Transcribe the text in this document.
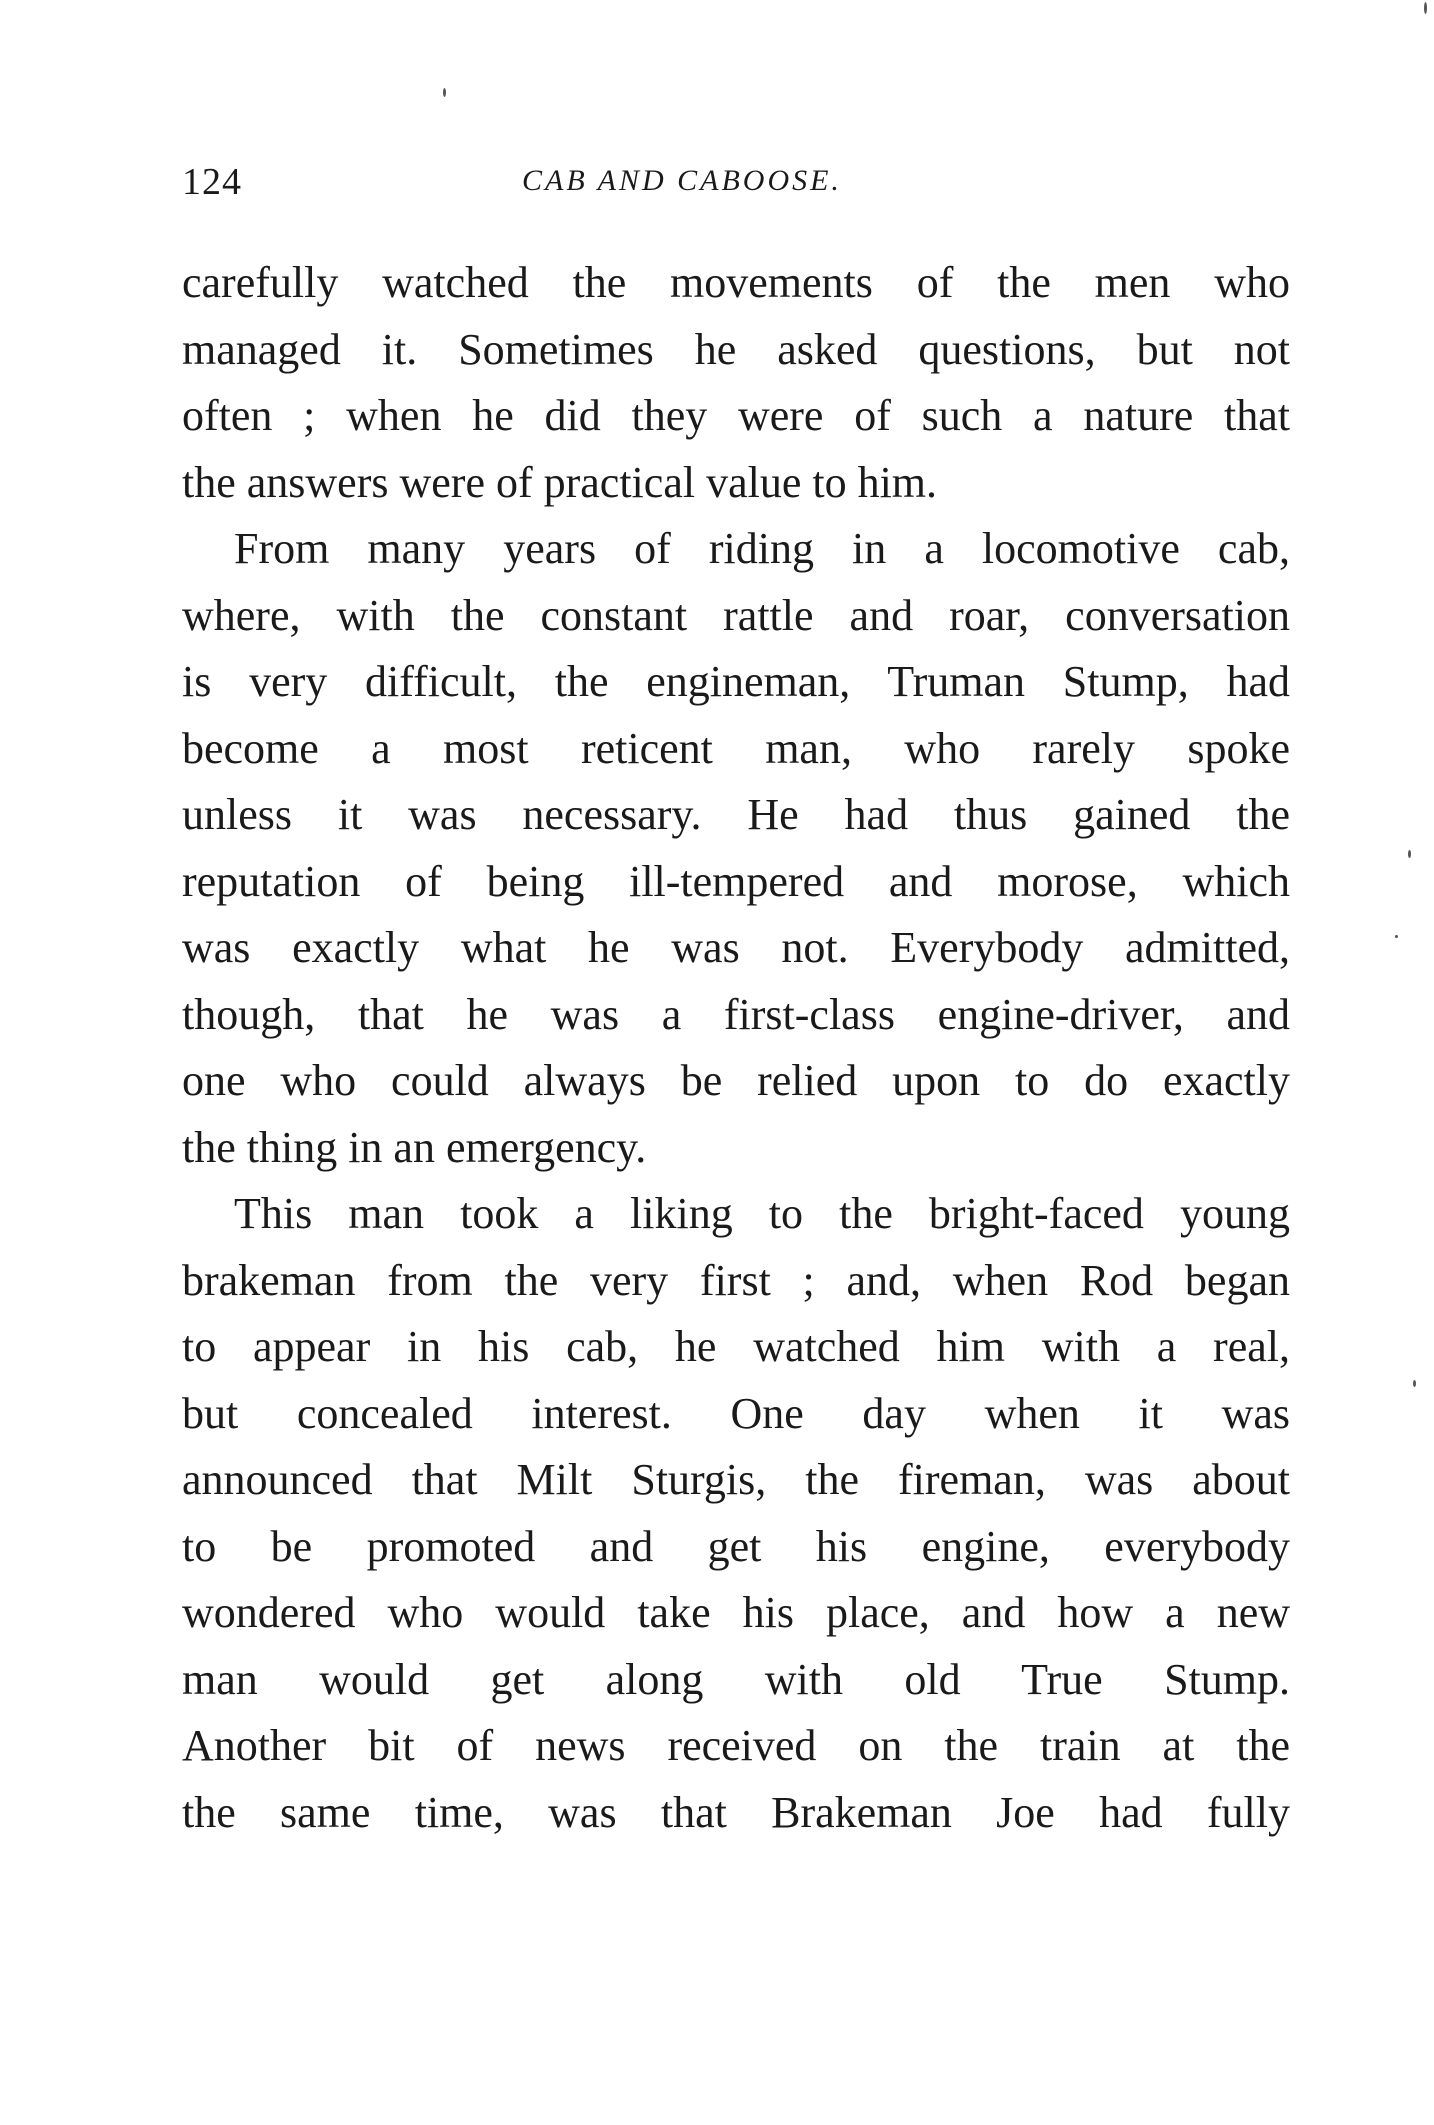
124	CAB AND CABOOSE.
carefully watched the movements of the men who
managed it. Sometimes he asked questions, but not
often ; when he did they were of such a nature that
the answers were of practical value to him.
From many years of riding in a locomotive cab,
where, with the constant rattle and roar, conversation
is very difficult, the engineman, Truman Stump, had
become a most reticent man, who rarely spoke
unless it was necessary. He had thus gained the
reputation of being ill-tempered and morose, which
was exactly what he was not. Everybody admitted,
though, that he was a first-class engine-driver, and
one who could always be relied upon to do exactly
the thing in an emergency.
This man took a liking to the bright-faced young
brakeman from the very first ; and, when Rod began
to appear in his cab, he watched him with a real,
but concealed interest. One day when it was
announced that Milt Sturgis, the fireman, was about
to be promoted and get his engine, everybody
wondered who would take his place, and how a new
man would get along with old True Stump.
Another bit of news received on the train at the
the same time, was that Brakeman Joe had fully
